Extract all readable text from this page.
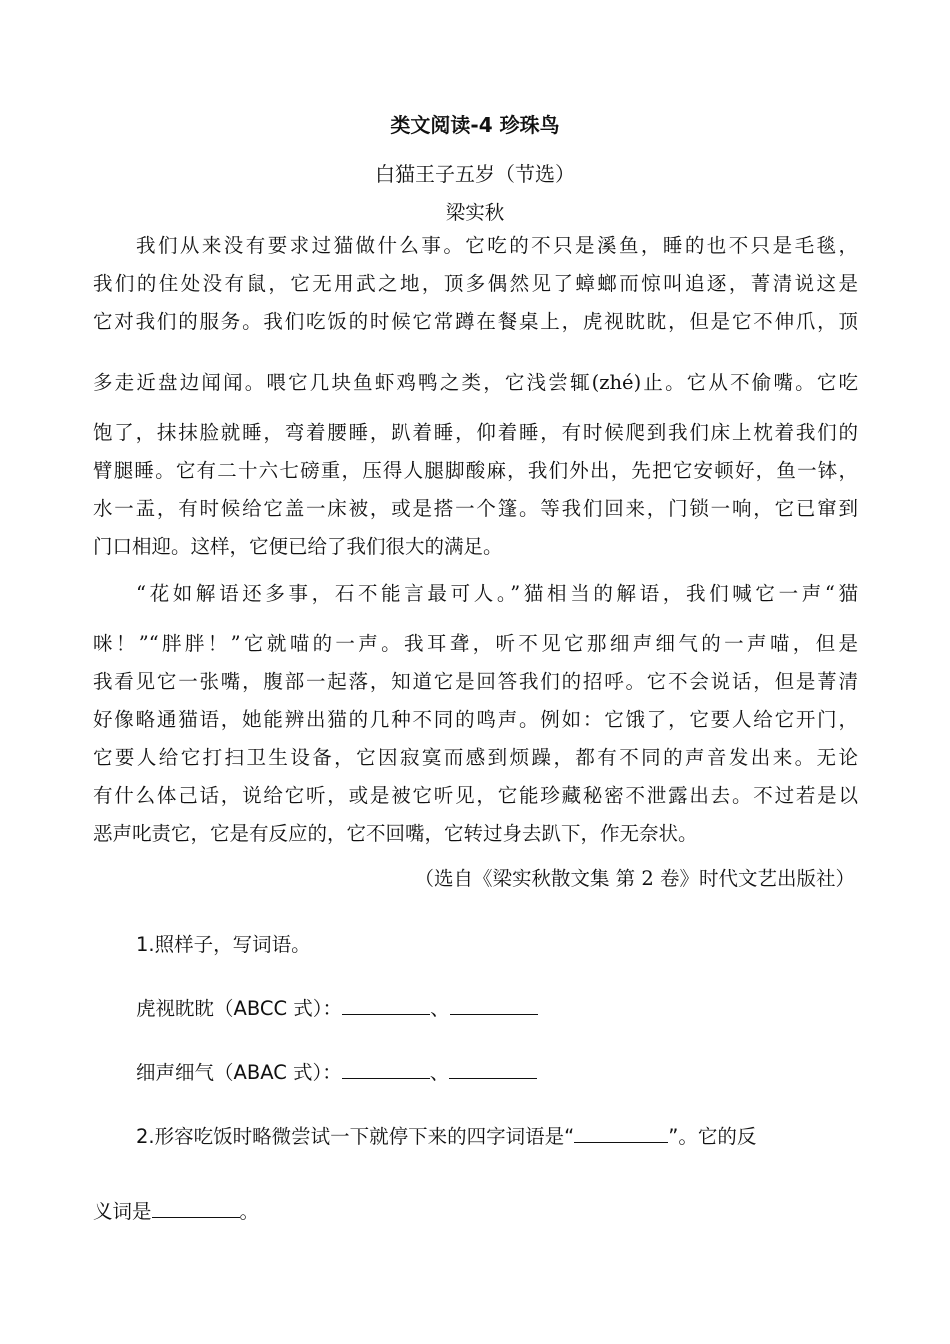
类文阅读-4 珍珠鸟
白猫王子五岁（节选）
梁实秋
我们从来没有要求过猫做什么事。它吃的不只是溪鱼，睡的也不只是毛毯，
我们的住处没有鼠，它无用武之地，顶多偶然见了蟑螂而惊叫追逐，菁清说这是
它对我们的服务。我们吃饭的时候它常蹲在餐桌上，虎视眈眈，但是它不伸爪，顶
多走近盘边闻闻。喂它几块鱼虾鸡鸭之类，它浅尝辄(zhé)止。它从不偷嘴。它吃
饱了，抹抹脸就睡，弯着腰睡，趴着睡，仰着睡，有时候爬到我们床上枕着我们的
臂腿睡。它有二十六七磅重，压得人腿脚酸麻，我们外出，先把它安顿好，鱼一钵，
水一盂，有时候给它盖一床被，或是搭一个篷。等我们回来，门锁一响，它已窜到
门口相迎。这样，它便已给了我们很大的满足。
“花如解语还多事，石不能言最可人。”猫相当的解语，我们喊它一声“猫
咪！”“胖胖！”它就喵的一声。我耳聋，听不见它那细声细气的一声喵，但是
我看见它一张嘴，腹部一起落，知道它是回答我们的招呼。它不会说话，但是菁清
好像略通猫语，她能辨出猫的几种不同的鸣声。例如：它饿了，它要人给它开门，
它要人给它打扫卫生设备，它因寂寞而感到烦躁，都有不同的声音发出来。无论
有什么体己话，说给它听，或是被它听见，它能珍藏秘密不泄露出去。不过若是以
恶声叱责它，它是有反应的，它不回嘴，它转过身去趴下，作无奈状。
（选自《梁实秋散文集 第 2 卷》时代文艺出版社）
1.照样子，写词语。
虎视眈眈（ABCC 式）：	、
细声细气（ABAC 式）：	、
2.形容吃饭时略微尝试一下就停下来的四字词语是“	”。它的反
义词是	。
